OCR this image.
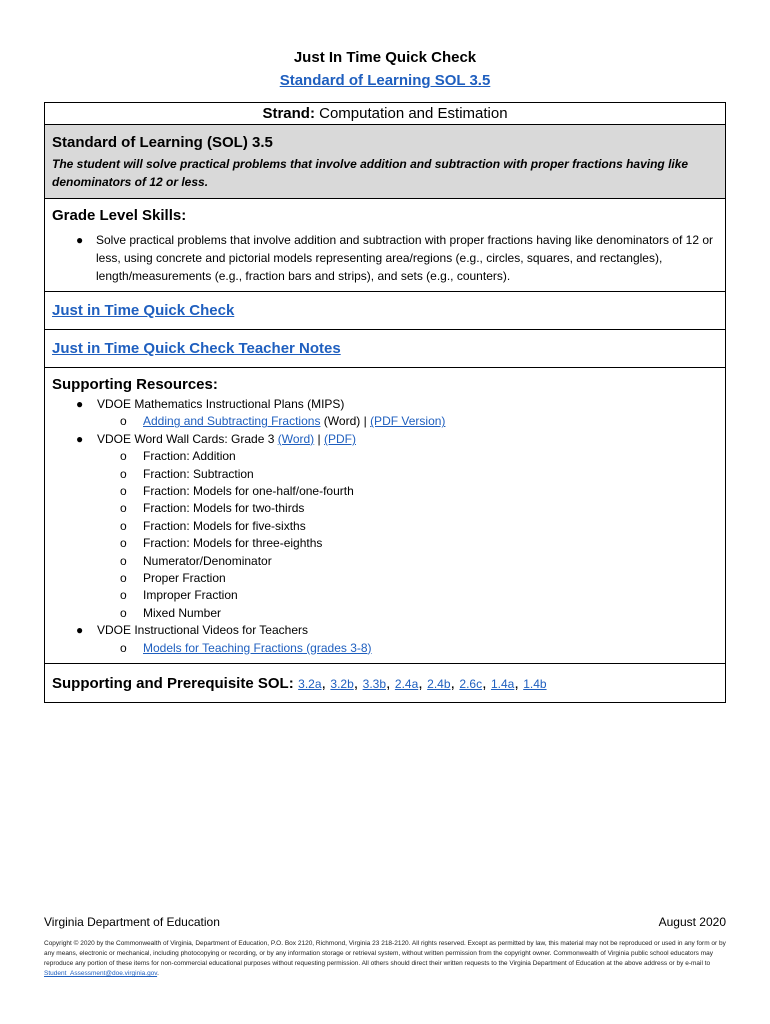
Just In Time Quick Check
Standard of Learning SOL 3.5
Strand: Computation and Estimation
Standard of Learning (SOL) 3.5
The student will solve practical problems that involve addition and subtraction with proper fractions having like denominators of 12 or less.
Grade Level Skills:
● Solve practical problems that involve addition and subtraction with proper fractions having like denominators of 12 or less, using concrete and pictorial models representing area/regions (e.g., circles, squares, and rectangles), length/measurements (e.g., fraction bars and strips), and sets (e.g., counters).
Just in Time Quick Check
Just in Time Quick Check Teacher Notes
Supporting Resources:
● VDOE Mathematics Instructional Plans (MIPS)
o Adding and Subtracting Fractions (Word) | (PDF Version)
● VDOE Word Wall Cards: Grade 3 (Word) | (PDF)
o Fraction: Addition
o Fraction: Subtraction
o Fraction: Models for one-half/one-fourth
o Fraction: Models for two-thirds
o Fraction: Models for five-sixths
o Fraction: Models for three-eighths
o Numerator/Denominator
o Proper Fraction
o Improper Fraction
o Mixed Number
● VDOE Instructional Videos for Teachers
o Models for Teaching Fractions (grades 3-8)
Supporting and Prerequisite SOL: 3.2a, 3.2b, 3.3b, 2.4a, 2.4b, 2.6c, 1.4a, 1.4b
Virginia Department of Education	August 2020
Copyright © 2020 by the Commonwealth of Virginia, Department of Education, P.O. Box 2120, Richmond, Virginia 23 218-2120. All rights reserved. Except as permitted by law, this material may not be reproduced or used in any form or by any means, electronic or mechanical, including photocopying or recording, or by any information storage or retrieval system, without written permission from the copyright owner. Commonwealth of Virginia public school educators may reproduce any portion of these items for non-commercial educational purposes without requesting permission. All others should direct their written requests to the Virginia Department of Education at the above address or by e-mail to Student_Assessment@doe.virginia.gov.
